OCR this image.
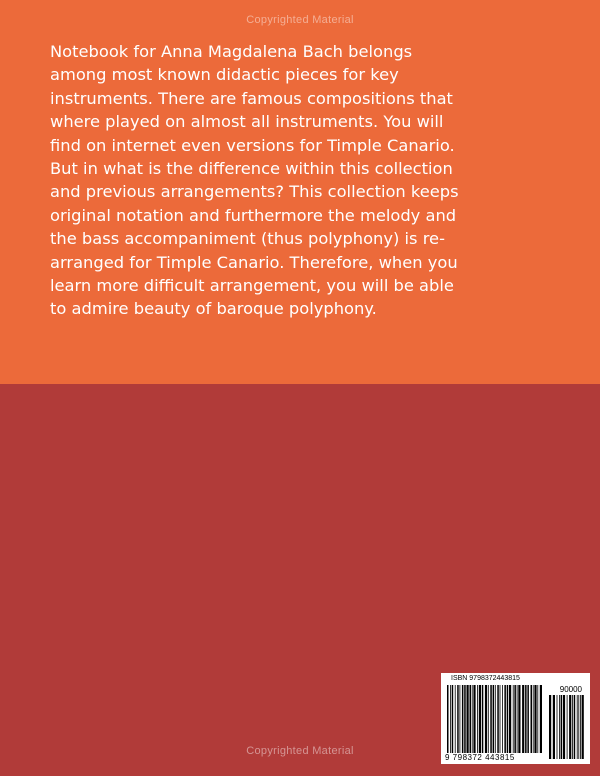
Copyrighted Material

Notebook for Anna Magdalena Bach belongs
among most known didactic pieces for key
instruments. There are famous compositions that
where played on almost all instruments. You will
find on internet even versions for Timple Canario.
But in what is the difference within this collection
and previous arrangements? This collection keeps
original notation and furthermore the melody and
the bass accompaniment (thus polyphony) is re-
arranged for Timple Canario. Therefore, when you
learn more difficult arrangement, you will be able
to admire beauty of baroque polyphony.

ISBN 9798372443815
90000
9 798372 443815
Copyrighted Material
